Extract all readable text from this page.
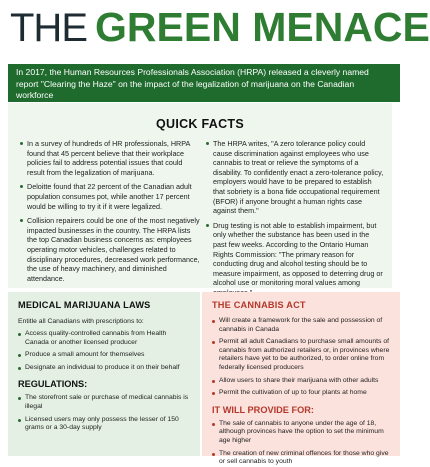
THE GREEN MENACE
In 2017, the Human Resources Professionals Association (HRPA) released a cleverly named report "Clearing the Haze" on the impact of the legalization of marijuana on the Canadian workforce
QUICK FACTS
In a survey of hundreds of HR professionals, HRPA found that 45 percent believe that their workplace policies fail to address potential issues that could result from the legalization of marijuana.
Deloitte found that 22 percent of the Canadian adult population consumes pot, while another 17 percent would be willing to try it if it were legalized.
Collision repairers could be one of the most negatively impacted businesses in the country. The HRPA lists the top Canadian business concerns as: employees operating motor vehicles, challenges related to disciplinary procedures, decreased work performance, the use of heavy machinery, and diminished attendance.
The HRPA writes, "A zero tolerance policy could cause discrimination against employees who use cannabis to treat or relieve the symptoms of a disability. To confidently enact a zero-tolerance policy, employers would have to be prepared to establish that sobriety is a bona fide occupational requirement (BFOR) if anyone brought a human rights case against them."
Drug testing is not able to establish impairment, but only whether the substance has been used in the past few weeks. According to the Ontario Human Rights Commission: "The primary reason for conducting drug and alcohol testing should be to measure impairment, as opposed to deterring drug or alcohol use or monitoring moral values among
MEDICAL MARIJUANA LAWS
Entitle all Canadians with prescriptions to:
Access quality-controlled cannabis from Health Canada or another licensed producer
Produce a small amount for themselves
Designate an individual to produce it on their behalf
REGULATIONS:
The storefront sale or purchase of medical cannabis is illegal
Licensed users may only possess the lesser of 150 grams or a 30-day supply
THE CANNABIS ACT
Will create a framework for the sale and possession of cannabis in Canada
Permit all adult Canadians to purchase small amounts of cannabis from authorized retailers or, in provinces where retailers have yet to be authorized, to order online from federally licensed producers
Allow users to share their marijuana with other adults
Permit the cultivation of up to four plants at home
IT WILL PROVIDE FOR:
The sale of cannabis to anyone under the age of 18, although provinces have the option to set the minimum age higher
The creation of new criminal offences for those who give or sell cannabis to youth
